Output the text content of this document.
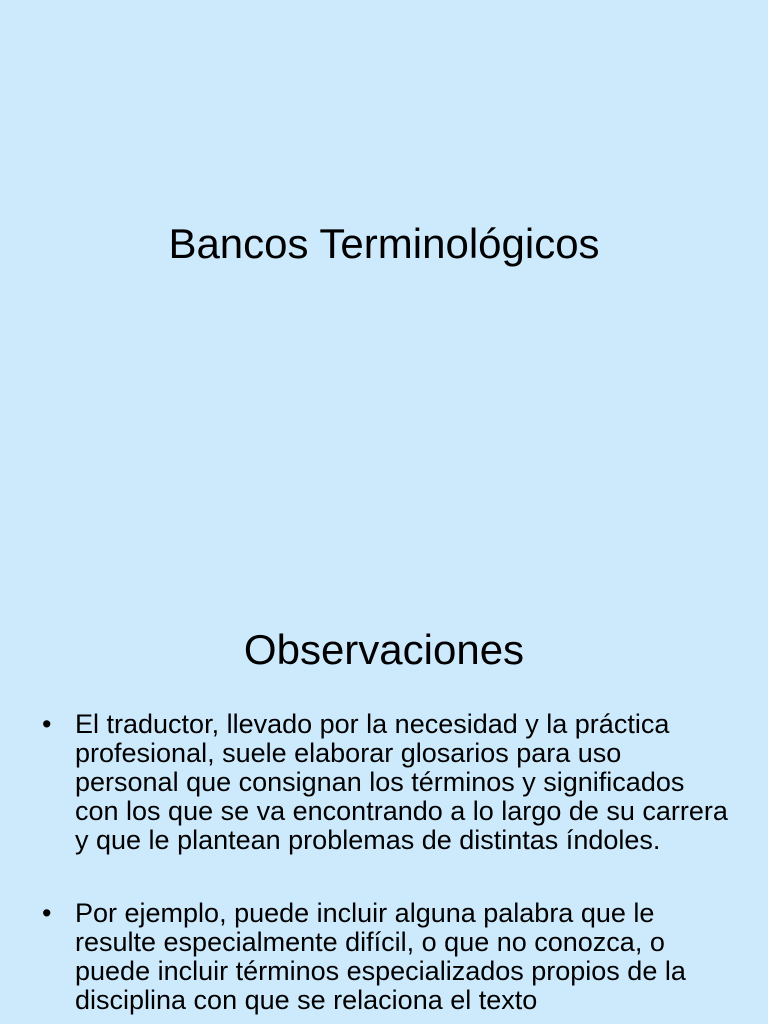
Bancos Terminológicos
Observaciones
• El traductor, llevado por la necesidad y la práctica profesional, suele elaborar glosarios para uso personal que consignan los términos y significados con los que se va encontrando a lo largo de su carrera y que le plantean problemas de distintas índoles.
• Por ejemplo, puede incluir alguna palabra que le resulte especialmente difícil, o que no conozca, o puede incluir términos especializados propios de la disciplina con que se relaciona el texto
